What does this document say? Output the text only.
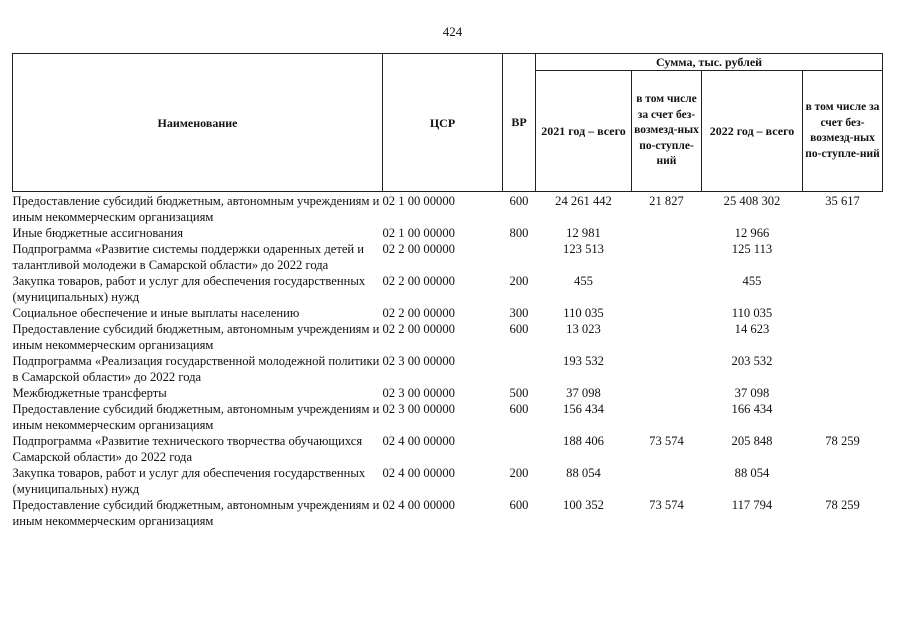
424
Наименование	ЦСР	ВР	Сумма, тыс. рублей			
			2021 год – всего	в том числе за счет без-возмезд-ных по-ступле-ний	2022 год – всего	в том числе за счет без-возмезд-ных по-ступле-ний
Предоставление субсидий бюджетным, автономным учреждениям и иным некоммерческим организациям	02 1 00 00000	600	24 261 442	21 827	25 408 302	35 617
Иные бюджетные ассигнования	02 1 00 00000	800	12 981		12 966	
Подпрограмма «Развитие системы поддержки одаренных детей и талантливой молодежи в Самарской области» до 2022 года	02 2 00 00000		123 513		125 113	
Закупка товаров, работ и услуг для обеспечения государственных (муниципальных) нужд	02 2 00 00000	200	455		455	
Социальное обеспечение и иные выплаты населению	02 2 00 00000	300	110 035		110 035	
Предоставление субсидий бюджетным, автономным учреждениям и иным некоммерческим организациям	02 2 00 00000	600	13 023		14 623	
Подпрограмма «Реализация государственной молодежной политики в Самарской области» до 2022 года	02 3 00 00000		193 532		203 532	
Межбюджетные трансферты	02 3 00 00000	500	37 098		37 098	
Предоставление субсидий бюджетным, автономным учреждениям и иным некоммерческим организациям	02 3 00 00000	600	156 434		166 434	
Подпрограмма «Развитие технического творчества обучающихся Самарской области» до 2022 года	02 4 00 00000		188 406	73 574	205 848	78 259
Закупка товаров, работ и услуг для обеспечения государственных (муниципальных) нужд	02 4 00 00000	200	88 054		88 054	
Предоставление субсидий бюджетным, автономным учреждениям и иным некоммерческим организациям	02 4 00 00000	600	100 352	73 574	117 794	78 259
